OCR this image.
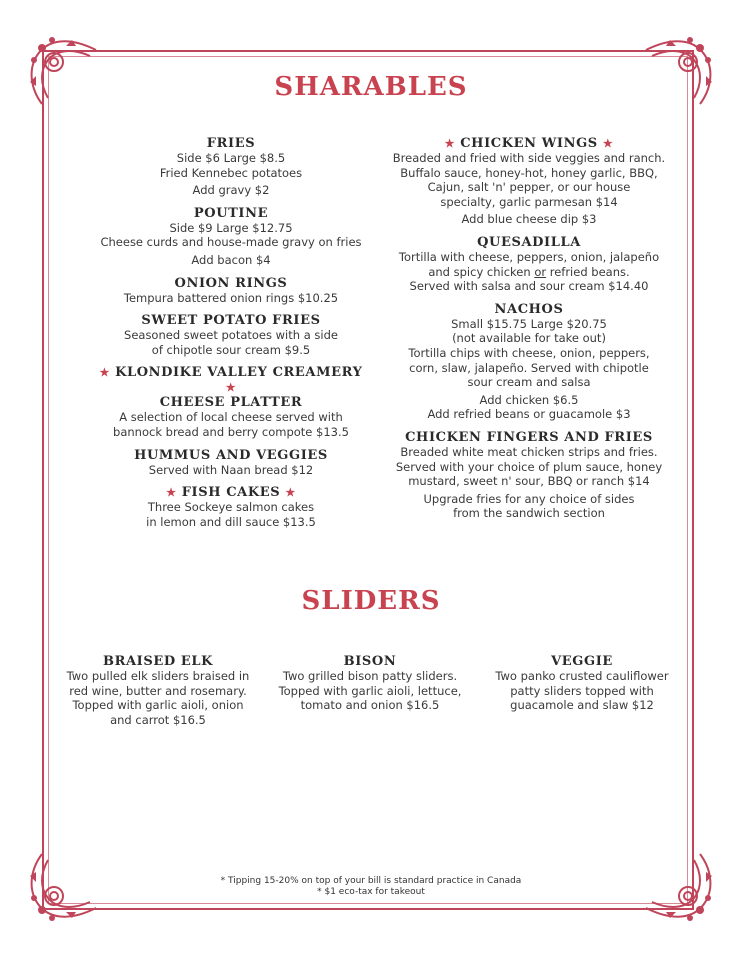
SHARABLES
FRIES
Side $6 Large $8.5
Fried Kennebec potatoes
Add gravy $2
POUTINE
Side $9 Large $12.75
Cheese curds and house-made gravy on fries
Add bacon $4
ONION RINGS
Tempura battered onion rings $10.25
SWEET POTATO FRIES
Seasoned sweet potatoes with a side
of chipotle sour cream $9.5
★ KLONDIKE VALLEY CREAMERY ★
CHEESE PLATTER
A selection of local cheese served with
bannock bread and berry compote $13.5
HUMMUS AND VEGGIES
Served with Naan bread $12
★ FISH CAKES ★
Three Sockeye salmon cakes
in lemon and dill sauce $13.5
★ CHICKEN WINGS ★
Breaded and fried with side veggies and ranch.
Buffalo sauce, honey-hot, honey garlic, BBQ,
Cajun, salt 'n' pepper, or our house
specialty, garlic parmesan $14
Add blue cheese dip $3
QUESADILLA
Tortilla with cheese, peppers, onion, jalapeño
and spicy chicken or refried beans.
Served with salsa and sour cream $14.40
NACHOS
Small $15.75 Large $20.75
(not available for take out)
Tortilla chips with cheese, onion, peppers,
corn, slaw, jalapeño. Served with chipotle
sour cream and salsa
Add chicken $6.5
Add refried beans or guacamole $3
CHICKEN FINGERS AND FRIES
Breaded white meat chicken strips and fries.
Served with your choice of plum sauce, honey
mustard, sweet n' sour, BBQ or ranch $14
Upgrade fries for any choice of sides
from the sandwich section
SLIDERS
BRAISED ELK
Two pulled elk sliders braised in
red wine, butter and rosemary.
Topped with garlic aioli, onion
and carrot $16.5
BISON
Two grilled bison patty sliders.
Topped with garlic aioli, lettuce,
tomato and onion $16.5
VEGGIE
Two panko crusted cauliflower
patty sliders topped with
guacamole and slaw $12
* Tipping 15-20% on top of your bill is standard practice in Canada
* $1 eco-tax for takeout
